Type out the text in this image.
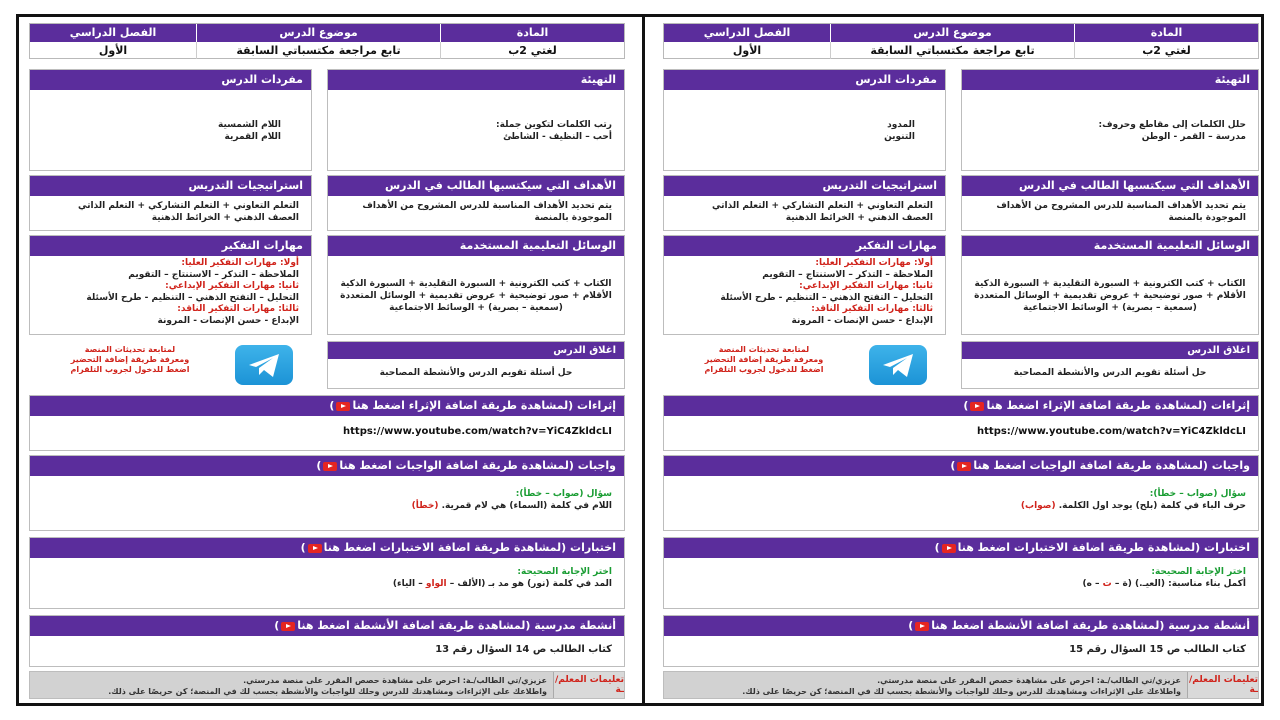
المادة
موضوع الدرس
الفصل الدراسي
لغتي 2ب
تابع مراجعة مكتسباتي السابقة
الأول
التهيئة
رتب الكلمات لتكوين جملة:
أحب – النظيف - الشاطئ
مفردات الدرس
اللام الشمسية
اللام القمرية
الأهداف التي سيكتسبها الطالب في الدرس
يتم تحديد الأهداف المناسبة للدرس المشروح من الأهداف الموجودة بالمنصة
استراتيجيات التدريس
التعلم التعاوني + التعلم التشاركي + التعلم الذاتي
العصف الذهني + الخرائط الذهنية
الوسائل التعليمية المستخدمة
الكتاب + كتب الكترونية + السبورة التقليدية + السبورة الذكية الأقلام + صور توضيحية + عروض تقديمية + الوسائل المتعددة (سمعية – بصرية) + الوسائط الاجتماعية
مهارات التفكير
أولا: مهارات التفكير العليا:
الملاحظة – التذكر – الاستنتاج – التقويم
ثانيا: مهارات التفكير الإبداعي:
التحليل – التفتح الذهني – التنظيم - طرح الأسئلة
ثالثا: مهارات التفكير الناقد:
الإبداع - حسن الإنصات - المرونة
اغلاق الدرس
حل أسئلة تقويم الدرس والأنشطة المصاحبة
لمتابعة تحديثات المنصة
ومعرفة طريقة إضافة التحضير
اضغط للدخول لجروب التلقرام
إثراءات (لمشاهدة طريقة اضافة الإثراء اضغط هنا)
https://www.youtube.com/watch?v=YiC4ZkldcLI
واجبات (لمشاهدة طريقة اضافة الواجبات اضغط هنا)
سؤال (صواب – خطأ):
اللام في كلمة (السماء) هي لام قمرية. (خطأ)
اختبارات (لمشاهدة طريقة اضافة الاختبارات اضغط هنا)
اختر الإجابة الصحيحة:
المد في كلمة (نور) هو مد بـ (الألف – الواو – الياء)
أنشطة مدرسية (لمشاهدة طريقة اضافة الأنشطة اضغط هنا)
كتاب الطالب ص 14 السؤال رقم 13
تعليمات المعلم/ـة
عزيزي/تي الطالب/ـة: احرص على مشاهدة حصص المقرر على منصة مدرستي.
واطلاعك على الإثراءات ومشاهدتك للدرس وحلك للواجبات والأنشطة بحسب لك في المنصة؛ كن حريصًا على ذلك.
المادة
موضوع الدرس
الفصل الدراسي
لغتي 2ب
تابع مراجعة مكتسباتي السابقة
الأول
التهيئة
حلل الكلمات إلى مقاطع وحروف:
مدرسة – القمر - الوطن
مفردات الدرس
المدود
التنوين
الأهداف التي سيكتسبها الطالب في الدرس
يتم تحديد الأهداف المناسبة للدرس المشروح من الأهداف الموجودة بالمنصة
استراتيجيات التدريس
التعلم التعاوني + التعلم التشاركي + التعلم الذاتي
العصف الذهني + الخرائط الذهنية
الوسائل التعليمية المستخدمة
الكتاب + كتب الكترونية + السبورة التقليدية + السبورة الذكية الأقلام + صور توضيحية + عروض تقديمية + الوسائل المتعددة (سمعية – بصرية) + الوسائط الاجتماعية
مهارات التفكير
أولا: مهارات التفكير العليا:
الملاحظة – التذكر – الاستنتاج – التقويم
ثانيا: مهارات التفكير الإبداعي:
التحليل – التفتح الذهني – التنظيم - طرح الأسئلة
ثالثا: مهارات التفكير الناقد:
الإبداع - حسن الإنصات - المرونة
اغلاق الدرس
حل أسئلة تقويم الدرس والأنشطة المصاحبة
لمتابعة تحديثات المنصة
ومعرفة طريقة إضافة التحضير
اضغط للدخول لجروب التلقرام
إثراءات (لمشاهدة طريقة اضافة الإثراء اضغط هنا)
https://www.youtube.com/watch?v=YiC4ZkldcLI
واجبات (لمشاهدة طريقة اضافة الواجبات اضغط هنا)
سؤال (صواب – خطأ):
حرف الباء في كلمة (بلح) يوجد اول الكلمة. (صواب)
اختبارات (لمشاهدة طريقة اضافة الاختبارات اضغط هنا)
اختر الإجابة الصحيحة:
أكمل بناء مناسبة: (العيـ.) (ة – ت – ه)
أنشطة مدرسية (لمشاهدة طريقة اضافة الأنشطة اضغط هنا)
كتاب الطالب ص 15 السؤال رقم 15
تعليمات المعلم/ـة
عزيزي/تي الطالب/ـة: احرص على مشاهدة حصص المقرر على منصة مدرستي.
واطلاعك على الإثراءات ومشاهدتك للدرس وحلك للواجبات والأنشطة بحسب لك في المنصة؛ كن حريصًا على ذلك.
